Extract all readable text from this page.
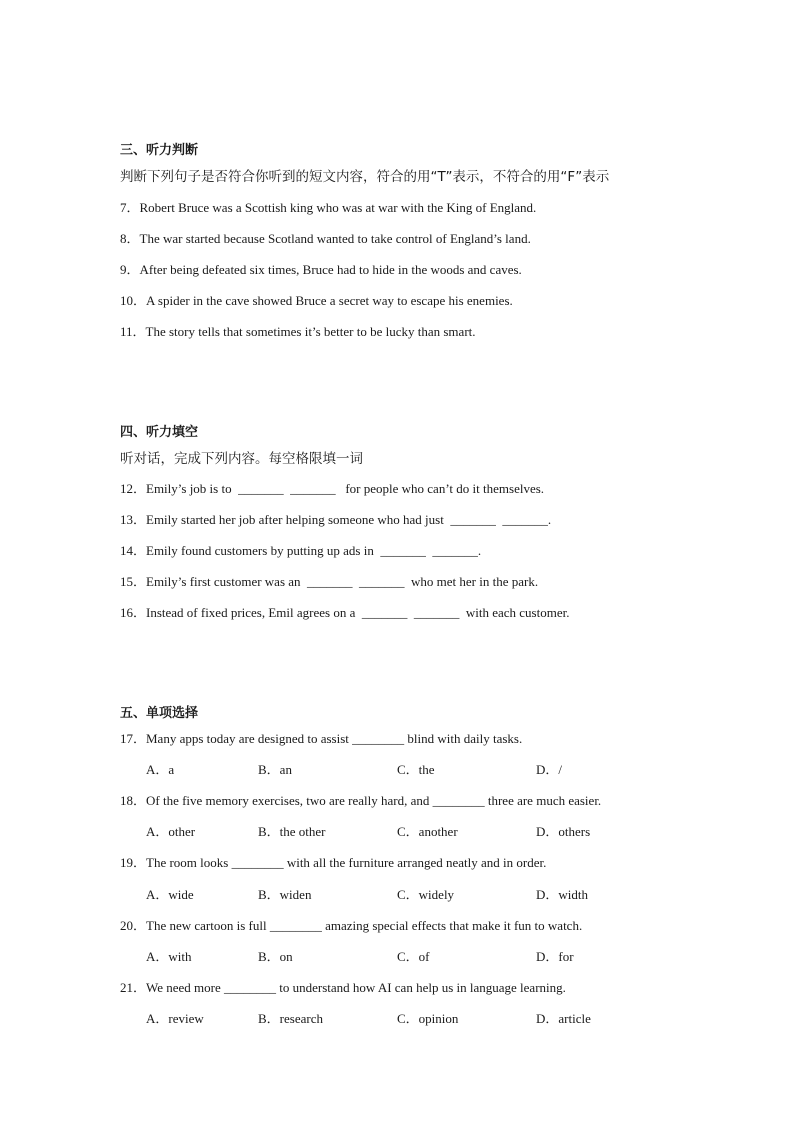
三、听力判断
判断下列句子是否符合你听到的短文内容，符合的用“T”表示，不符合的用“F”表示
7．Robert Bruce was a Scottish king who was at war with the King of England.
8．The war started because Scotland wanted to take control of England’s land.
9．After being defeated six times, Bruce had to hide in the woods and caves.
10．A spider in the cave showed Bruce a secret way to escape his enemies.
11．The story tells that sometimes it’s better to be lucky than smart.
四、听力填空
听对话，完成下列内容。每空格限填一词
12．Emily’s job is to  _______  _______   for people who can’t do it themselves.
13．Emily started her job after helping someone who had just  _______  _______.
14．Emily found customers by putting up ads in  _______  _______.
15．Emily’s first customer was an  _______  _______  who met her in the park.
16．Instead of fixed prices, Emil agrees on a  _______  _______  with each customer.
五、单项选择
17．Many apps today are designed to assist ________ blind with daily tasks.
A．a	B．an	C．the	D．/
18．Of the five memory exercises, two are really hard, and ________ three are much easier.
A．other	B．the other	C．another	D．others
19．The room looks ________ with all the furniture arranged neatly and in order.
A．wide	B．widen	C．widely	D．width
20．The new cartoon is full ________ amazing special effects that make it fun to watch.
A．with	B．on	C．of	D．for
21．We need more ________ to understand how AI can help us in language learning.
A．review	B．research	C．opinion	D．article
